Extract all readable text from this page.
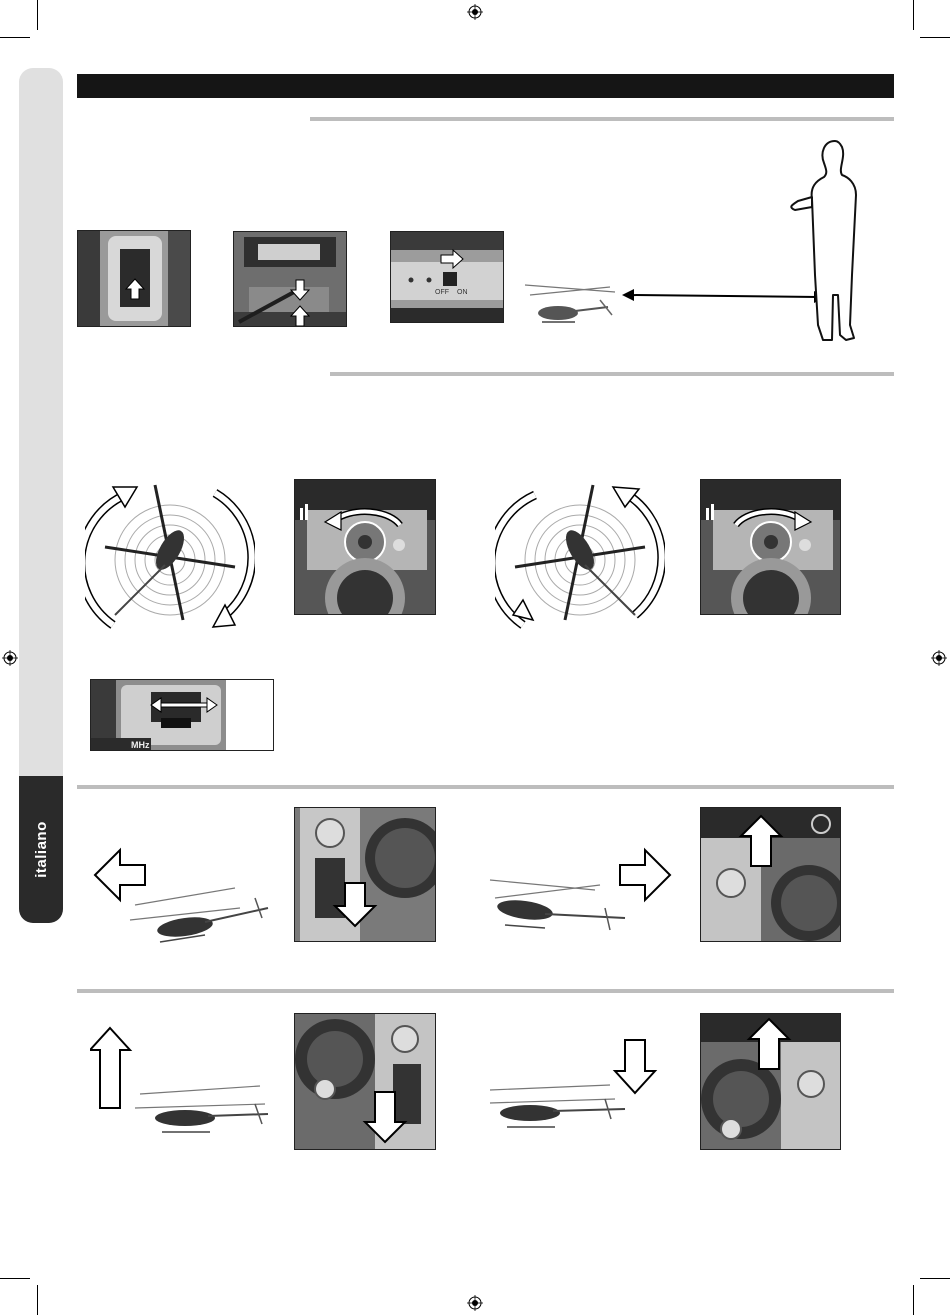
italiano
OFF ON
MHz
